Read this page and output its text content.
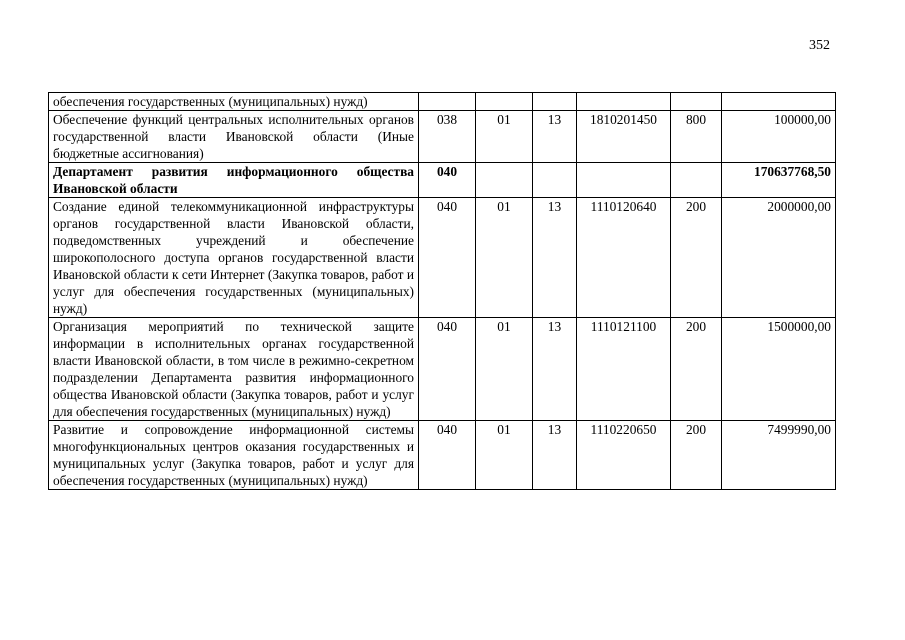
352
обеспечения государственных (муниципальных) нужд)						
Обеспечение функций центральных исполнительных органов государственной власти Ивановской области (Иные бюджетные ассигнования)	038	01	13	1810201450	800	100000,00
Департамент развития информационного общества Ивановской области	040					170637768,50
Создание единой телекоммуникационной инфраструктуры органов государственной власти Ивановской области, подведомственных учреждений и обеспечение широкополосного доступа органов государственной власти Ивановской области к сети Интернет (Закупка товаров, работ и услуг для обеспечения государственных (муниципальных) нужд)	040	01	13	1110120640	200	2000000,00
Организация мероприятий по технической защите информации в исполнительных органах государственной власти Ивановской области, в том числе в режимно-секретном подразделении Департамента развития информационного общества Ивановской области (Закупка товаров, работ и услуг для обеспечения государственных (муниципальных) нужд)	040	01	13	1110121100	200	1500000,00
Развитие и сопровождение информационной системы многофункциональных центров оказания государственных и муниципальных услуг (Закупка товаров, работ и услуг для обеспечения государственных (муниципальных) нужд)	040	01	13	1110220650	200	7499990,00
